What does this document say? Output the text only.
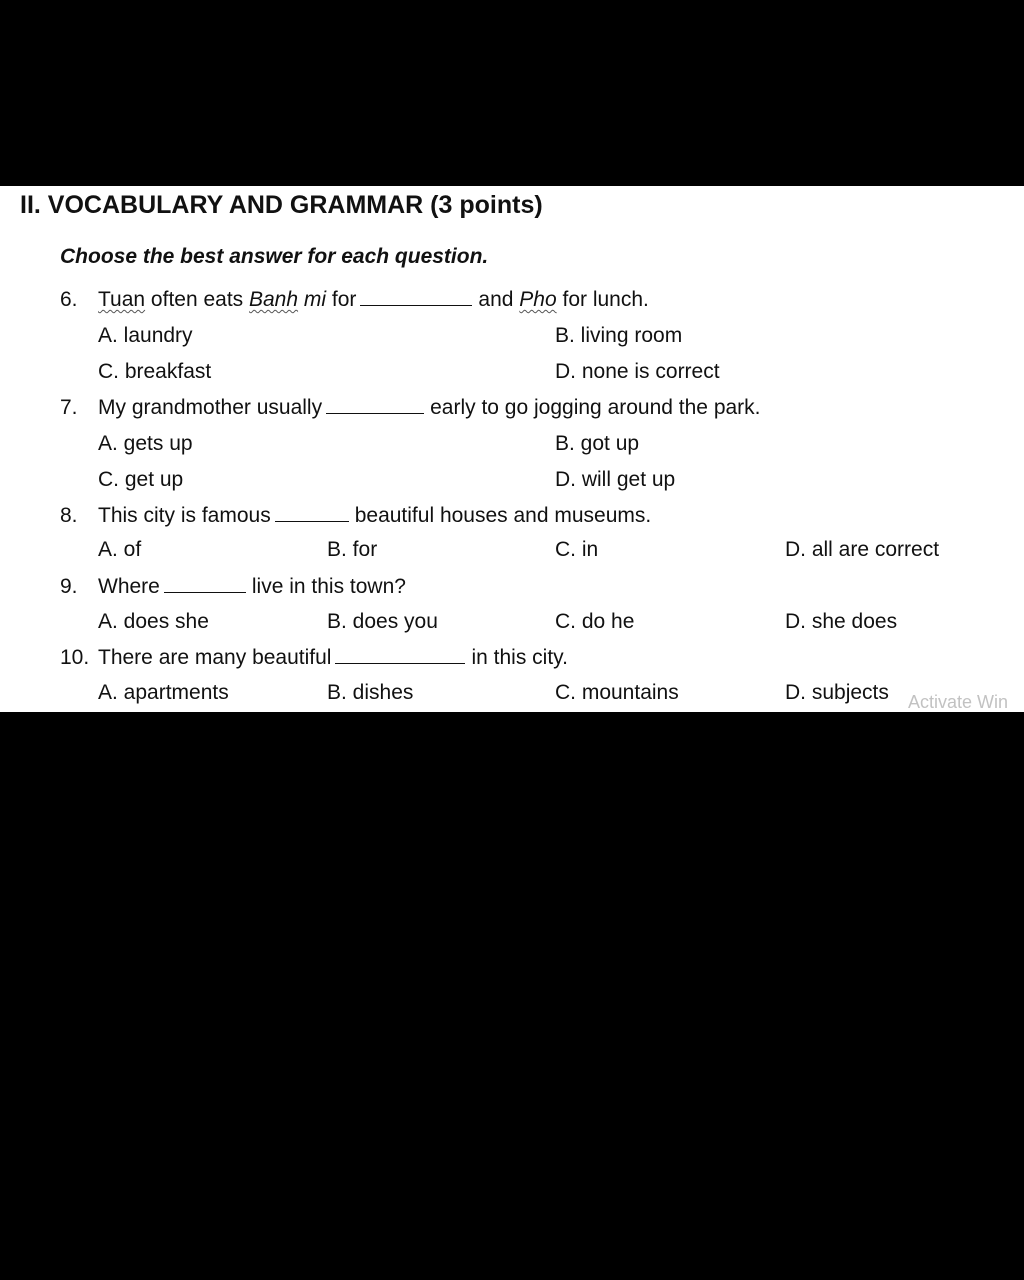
II. VOCABULARY AND GRAMMAR (3 points)
Choose the best answer for each question.
6. Tuan often eats Banh mi for	and Pho for lunch.
A. laundry	B. living room
C. breakfast	D. none is correct
7. My grandmother usually	early to go jogging around the park.
A. gets up	B. got up
C. get up	D. will get up
8. This city is famous	beautiful houses and museums.
A. of	B. for	C. in	D. all are correct
9. Where	live in this town?
A. does she	B. does you	C. do he	D. she does
10. There are many beautiful	in this city.
A. apartments	B. dishes	C. mountains	D. subjects Activate Win
